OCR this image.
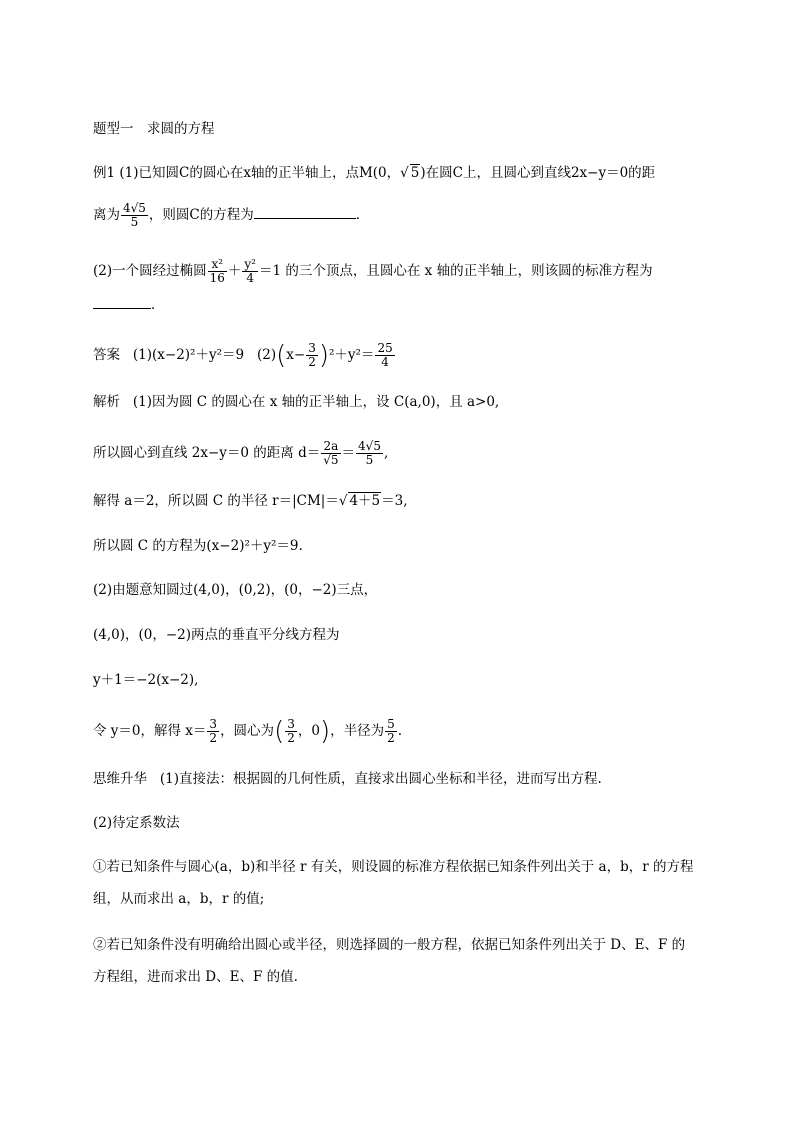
题型一　求圆的方程
例1 (1)已知圆C的圆心在x轴的正半轴上，点M(0，√ 5)在圆C上，且圆心到直线2x−y＝0的距
离为 $\frac{4√5}{5}$ ，则圆C的方程为	．
(2)一个圆经过椭圆 $\frac{\text{x²}}{16} + \frac{\text{y²}}{4} =1$ 的三个顶点，且圆心在 x 轴的正半轴上，则该圆的标准方程为
．
答案 (1)(x−2)²＋y²＝9 $(2)(x- \frac{3}{2} )^2+y^2= \frac{25}{4}$
解析 (1)因为圆 C 的圆心在 x 轴的正半轴上，设 C(a,0)，且 a>0,
所以圆心到直线 2x−y＝0 的距离 $d= \frac{2a}{√5} = \frac{4√5}{5}$ ,
解得 a＝2，所以圆 C 的半径 r＝|CM|＝√ 4＋5＝3,
所以圆 C 的方程为(x−2)²＋y²＝9.
(2)由题意知圆过(4,0)，(0,2)，(0，−2)三点，
(4,0)，(0，−2)两点的垂直平分线方程为
y＋1＝−2(x−2),
令 y＝0，解得 $x= \frac{3}{2}$ ，圆心为( $\frac{3}{2}$ ，0)，半径为 $\frac{5}{2}$ .
思维升华 (1)直接法：根据圆的几何性质，直接求出圆心坐标和半径，进而写出方程.
(2)待定系数法
①若已知条件与圆心(a，b)和半径 r 有关，则设圆的标准方程依据已知条件列出关于 a，b，r 的方程
组，从而求出 a，b，r 的值;
②若已知条件没有明确给出圆心或半径，则选择圆的一般方程，依据已知条件列出关于 D、E、F 的
方程组，进而求出 D、E、F 的值.
